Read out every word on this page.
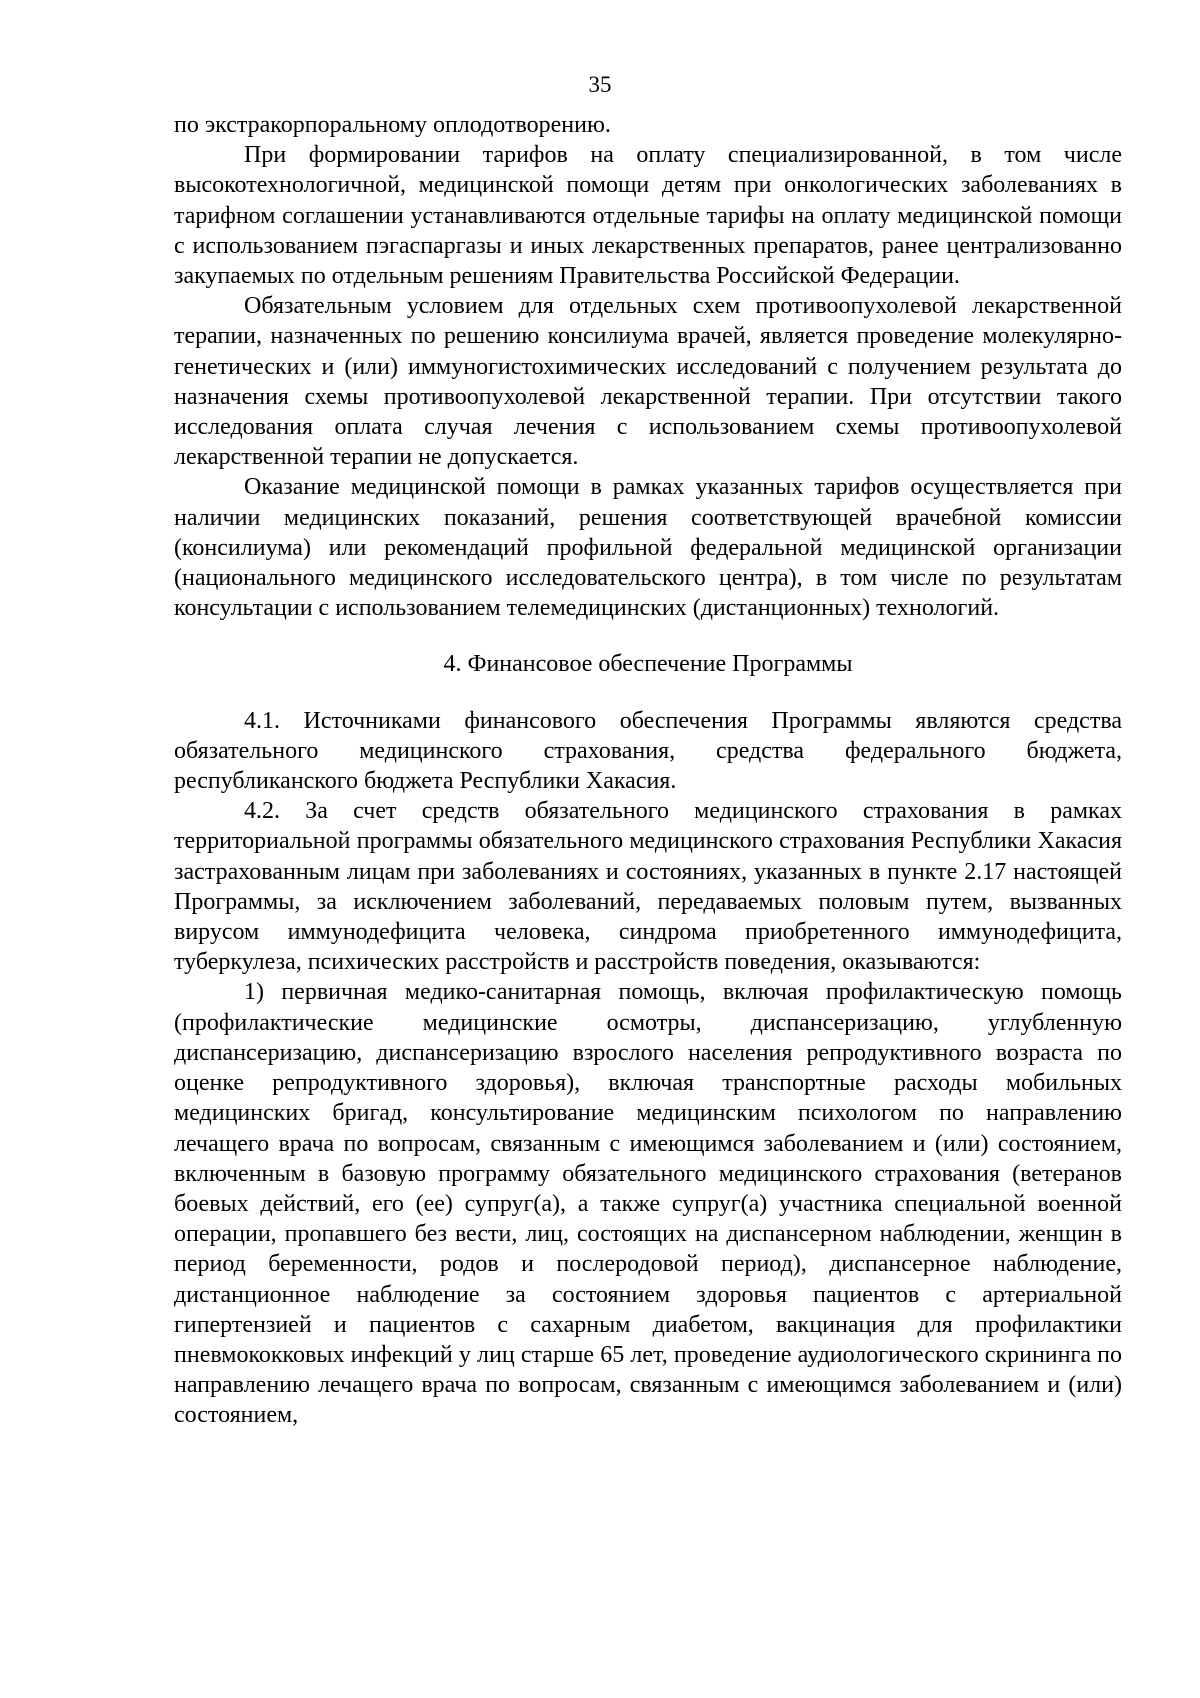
35

по экстракорпоральному оплодотворению.

При формировании тарифов на оплату специализированной, в том числе высокотехнологичной, медицинской помощи детям при онкологических заболеваниях в тарифном соглашении устанавливаются отдельные тарифы на оплату медицинской помощи с использованием пэгаспаргазы и иных лекарственных препаратов, ранее централизованно закупаемых по отдельным решениям Правительства Российской Федерации.

Обязательным условием для отдельных схем противоопухолевой лекарственной терапии, назначенных по решению консилиума врачей, является проведение молекулярно-генетических и (или) иммуногистохимических исследований с получением результата до назначения схемы противоопухолевой лекарственной терапии. При отсутствии такого исследования оплата случая лечения с использованием схемы противоопухолевой лекарственной терапии не допускается.

Оказание медицинской помощи в рамках указанных тарифов осуществляется при наличии медицинских показаний, решения соответствующей врачебной комиссии (консилиума) или рекомендаций профильной федеральной медицинской организации (национального медицинского исследовательского центра), в том числе по результатам консультации с использованием телемедицинских (дистанционных) технологий.

4. Финансовое обеспечение Программы

4.1. Источниками финансового обеспечения Программы являются средства обязательного медицинского страхования, средства федерального бюджета, республиканского бюджета Республики Хакасия.

4.2. За счет средств обязательного медицинского страхования в рамках территориальной программы обязательного медицинского страхования Республики Хакасия застрахованным лицам при заболеваниях и состояниях, указанных в пункте 2.17 настоящей Программы, за исключением заболеваний, передаваемых половым путем, вызванных вирусом иммунодефицита человека, синдрома приобретенного иммунодефицита, туберкулеза, психических расстройств и расстройств поведения, оказываются:

1) первичная медико-санитарная помощь, включая профилактическую помощь (профилактические медицинские осмотры, диспансеризацию, углубленную диспансеризацию, диспансеризацию взрослого населения репродуктивного возраста по оценке репродуктивного здоровья), включая транспортные расходы мобильных медицинских бригад, консультирование медицинским психологом по направлению лечащего врача по вопросам, связанным с имеющимся заболеванием и (или) состоянием, включенным в базовую программу обязательного медицинского страхования (ветеранов боевых действий, его (ее) супруг(а), а также супруг(а) участника специальной военной операции, пропавшего без вести, лиц, состоящих на диспансерном наблюдении, женщин в период беременности, родов и послеродовой период), диспансерное наблюдение, дистанционное наблюдение за состоянием здоровья пациентов с артериальной гипертензией и пациентов с сахарным диабетом, вакцинация для профилактики пневмококковых инфекций у лиц старше 65 лет, проведение аудиологического скрининга по направлению лечащего врача по вопросам, связанным с имеющимся заболеванием и (или) состоянием,
